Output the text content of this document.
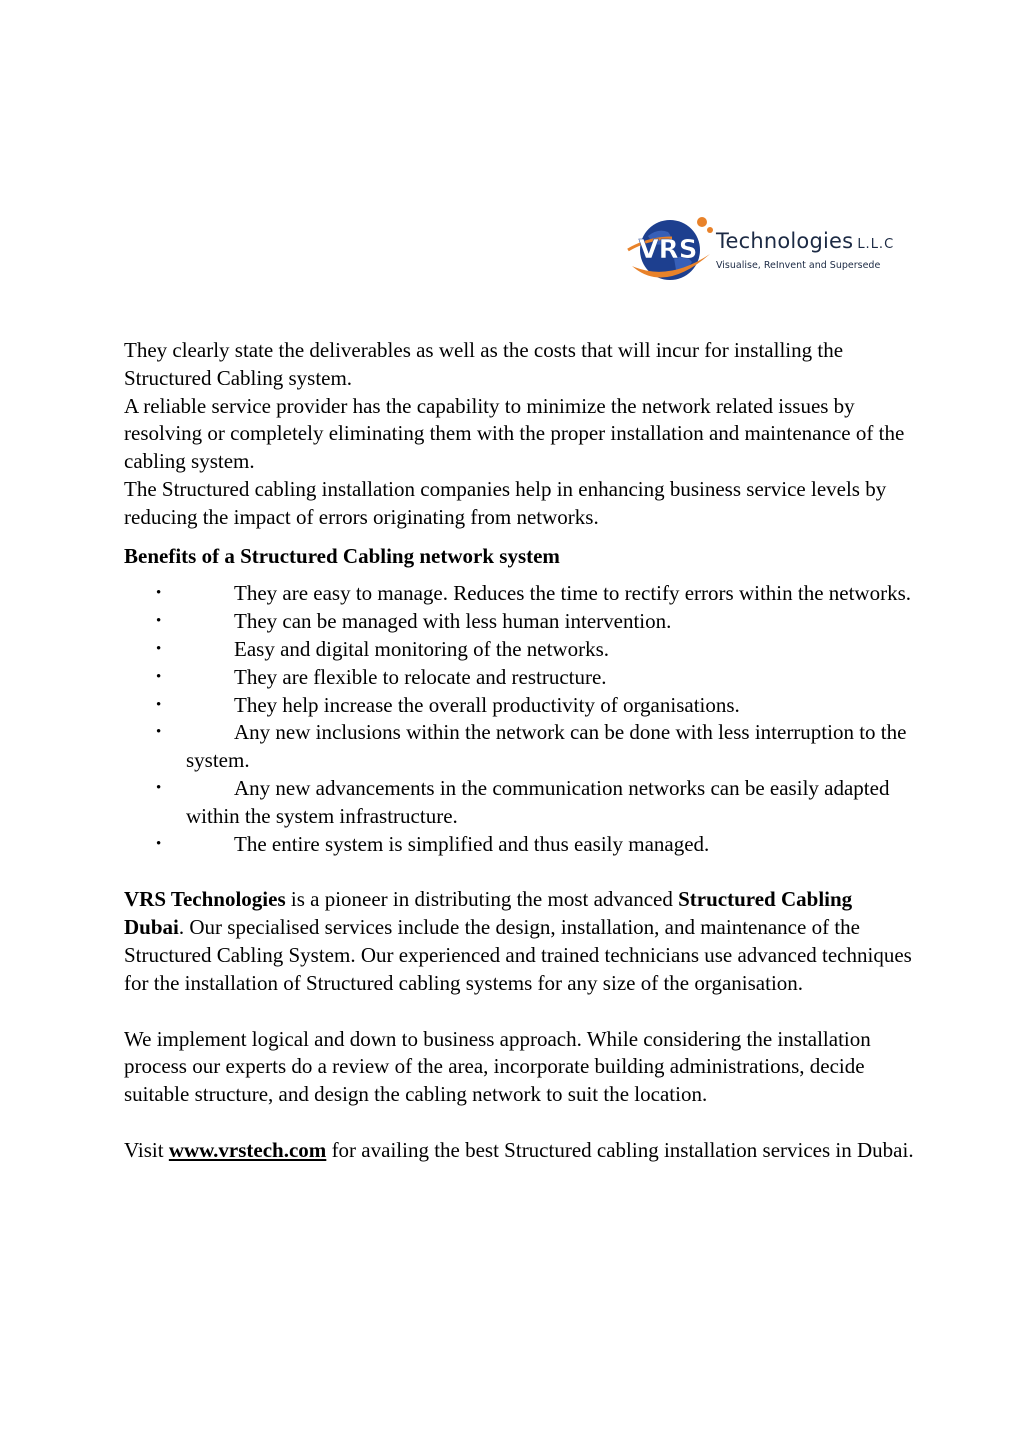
VRS Technologies L.L.C
Visualise, ReInvent and Supersede

They clearly state the deliverables as well as the costs that will incur for installing the Structured Cabling system.

A reliable service provider has the capability to minimize the network related issues by resolving or completely eliminating them with the proper installation and maintenance of the cabling system.

The Structured cabling installation companies help in enhancing business service levels by reducing the impact of errors originating from networks.

Benefits of a Structured Cabling network system

•	They are easy to manage. Reduces the time to rectify errors within the networks.
•	They can be managed with less human intervention.
•	Easy and digital monitoring of the networks.
•	They are flexible to relocate and restructure.
•	They help increase the overall productivity of organisations.
•	Any new inclusions within the network can be done with less interruption to the system.
•	Any new advancements in the communication networks can be easily adapted within the system infrastructure.
•	The entire system is simplified and thus easily managed.

VRS Technologies is a pioneer in distributing the most advanced Structured Cabling Dubai. Our specialised services include the design, installation, and maintenance of the Structured Cabling System. Our experienced and trained technicians use advanced techniques for the installation of Structured cabling systems for any size of the organisation.

We implement logical and down to business approach. While considering the installation process our experts do a review of the area, incorporate building administrations, decide suitable structure, and design the cabling network to suit the location.

Visit www.vrstech.com for availing the best Structured cabling installation services in Dubai.
